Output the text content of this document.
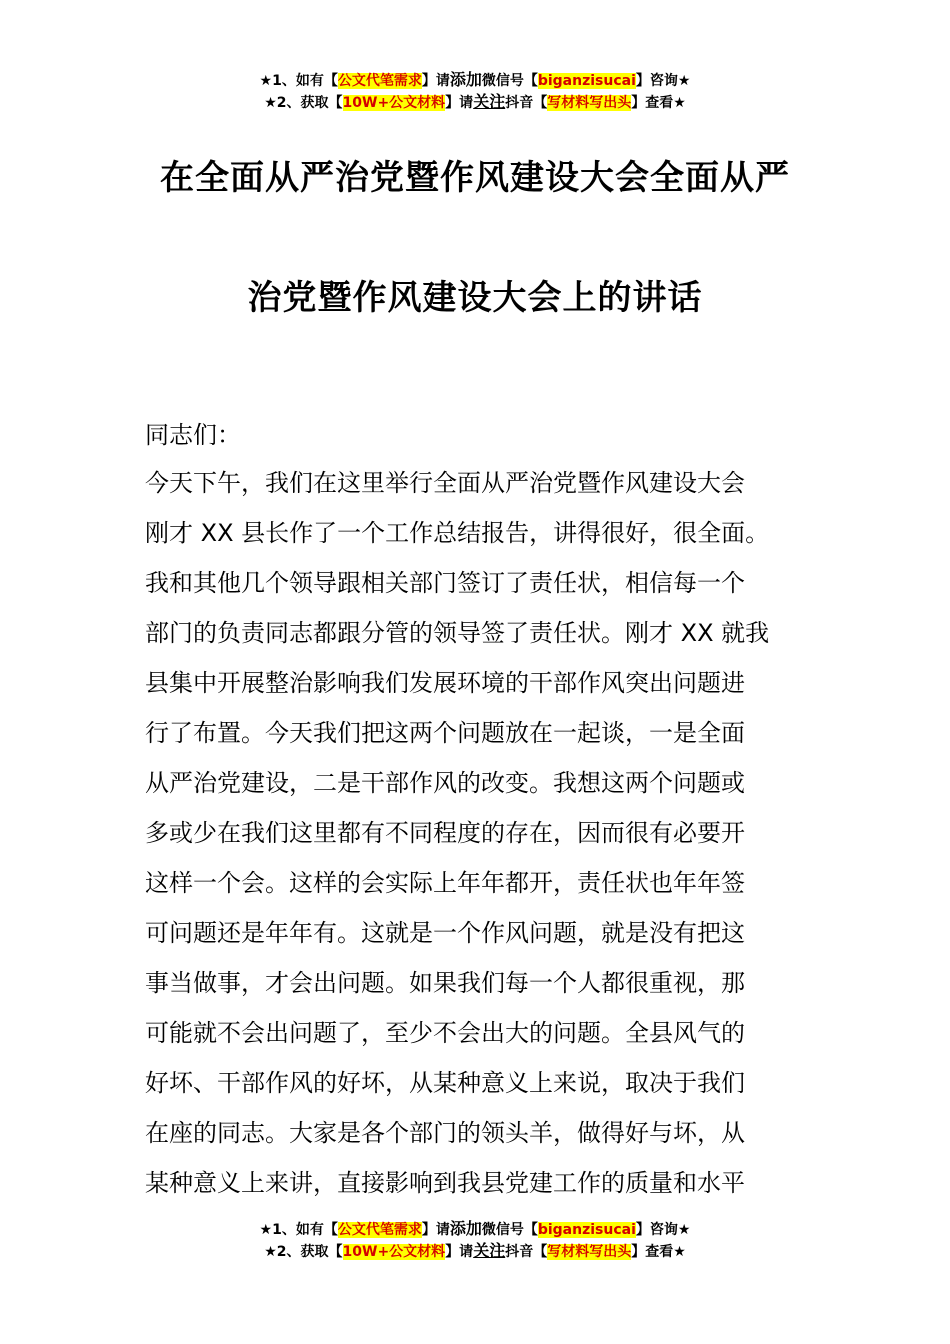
★1、如有【公文代笔需求】请添加微信号【biganzisucai】咨询★
★2、获取【10W+公文材料】请关注抖音【写材料写出头】查看★
在全面从严治党暨作风建设大会全面从严
治党暨作风建设大会上的讲话
同志们：
今天下午，我们在这里举行全面从严治党暨作风建设大会
刚才 XX 县长作了一个工作总结报告，讲得很好，很全面。
我和其他几个领导跟相关部门签订了责任状，相信每一个
部门的负责同志都跟分管的领导签了责任状。刚才 XX 就我
县集中开展整治影响我们发展环境的干部作风突出问题进
行了布置。今天我们把这两个问题放在一起谈，一是全面
从严治党建设，二是干部作风的改变。我想这两个问题或
多或少在我们这里都有不同程度的存在，因而很有必要开
这样一个会。这样的会实际上年年都开，责任状也年年签
可问题还是年年有。这就是一个作风问题，就是没有把这
事当做事，才会出问题。如果我们每一个人都很重视，那
可能就不会出问题了，至少不会出大的问题。全县风气的
好坏、干部作风的好坏，从某种意义上来说，取决于我们
在座的同志。大家是各个部门的领头羊，做得好与坏，从
某种意义上来讲，直接影响到我县党建工作的质量和水平
★1、如有【公文代笔需求】请添加微信号【biganzisucai】咨询★
★2、获取【10W+公文材料】请关注抖音【写材料写出头】查看★
